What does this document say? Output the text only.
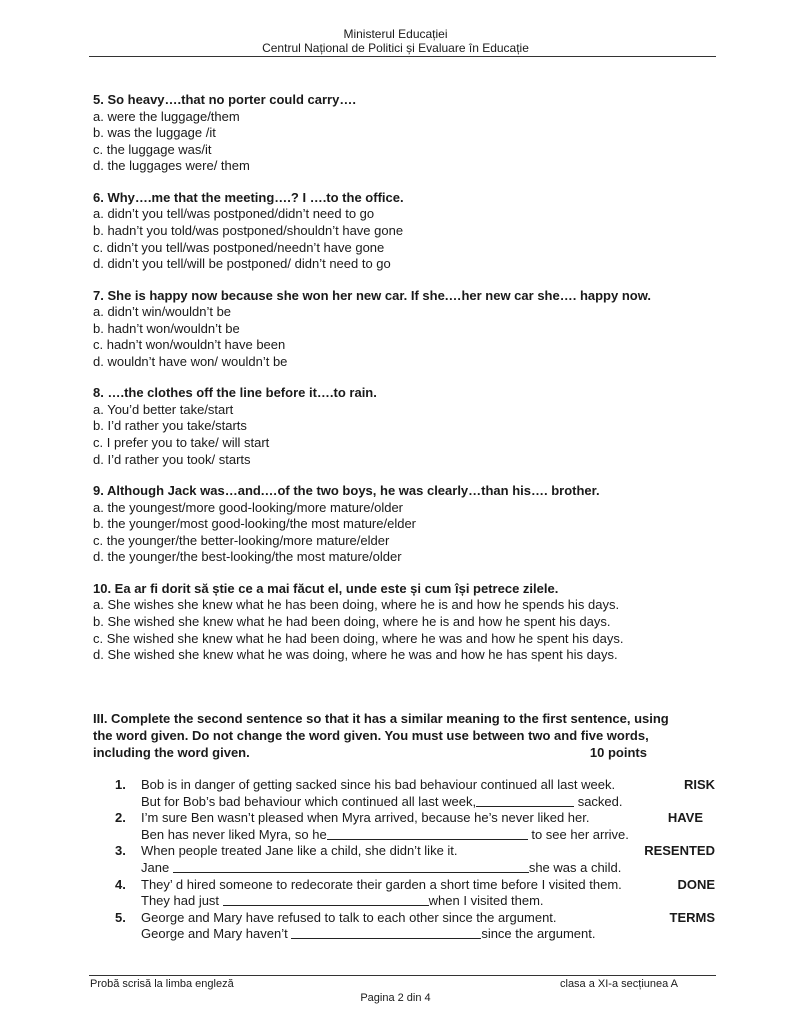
Ministerul Educației
Centrul Național de Politici și Evaluare în Educație
5. So heavy….that no porter could carry….
a. were the luggage/them
b. was the luggage /it
c. the luggage was/it
d. the luggages were/ them
6. Why….me that the meeting….? I ….to the office.
a. didn’t you tell/was postponed/didn’t need to go
b. hadn’t you told/was postponed/shouldn’t have gone
c. didn’t you tell/was postponed/needn’t have gone
d. didn’t you tell/will be postponed/ didn’t need to go
7. She is happy now because she won her new car. If she.…her new car she…. happy now.
a. didn’t win/wouldn’t be
b. hadn’t won/wouldn’t be
c. hadn’t won/wouldn’t have been
d. wouldn’t have won/ wouldn’t be
8. ….the clothes off the line before it….to rain.
a. You’d better take/start
b. I’d rather you take/starts
c. I prefer you to take/ will start
d. I’d rather you took/ starts
9. Although Jack was…and.…of the two boys, he was clearly…than his…. brother.
a. the youngest/more good-looking/more mature/older
b. the younger/most good-looking/the most mature/elder
c. the younger/the better-looking/more mature/elder
d. the younger/the best-looking/the most mature/older
10. Ea ar fi dorit să știe ce a mai făcut el, unde este și cum își petrece zilele.
a. She wishes she knew what he has been doing, where he is and how he spends his days.
b. She wished she knew what he had been doing, where he is and how he spent his days.
c. She wished she knew what he had been doing, where he was and how he spent his days.
d. She wished she knew what he was doing, where he was and how he has spent his days.
III. Complete the second sentence so that it has a similar meaning to the first sentence, using
the word given. Do not change the word given. You must use between two and five words,
including the word given.	10 points
1.	Bob is in danger of getting sacked since his bad behaviour continued all last week.	RISK
But for Bob’s bad behaviour which continued all last week,	sacked.
2.	I’m sure Ben wasn’t pleased when Myra arrived, because he’s never liked her.	HAVE
Ben has never liked Myra, so he	to see her arrive.
3.	When people treated Jane like a child, she didn’t like it.	RESENTED
Jane	she was a child.
4.	They’ d hired someone to redecorate their garden a short time before I visited them.	DONE
They had just	when I visited them.
5.	George and Mary have refused to talk to each other since the argument.	TERMS
George and Mary haven’t	since the argument.
Probă scrisă la limba engleză	clasa a XI-a secțiunea A
Pagina 2 din 4
